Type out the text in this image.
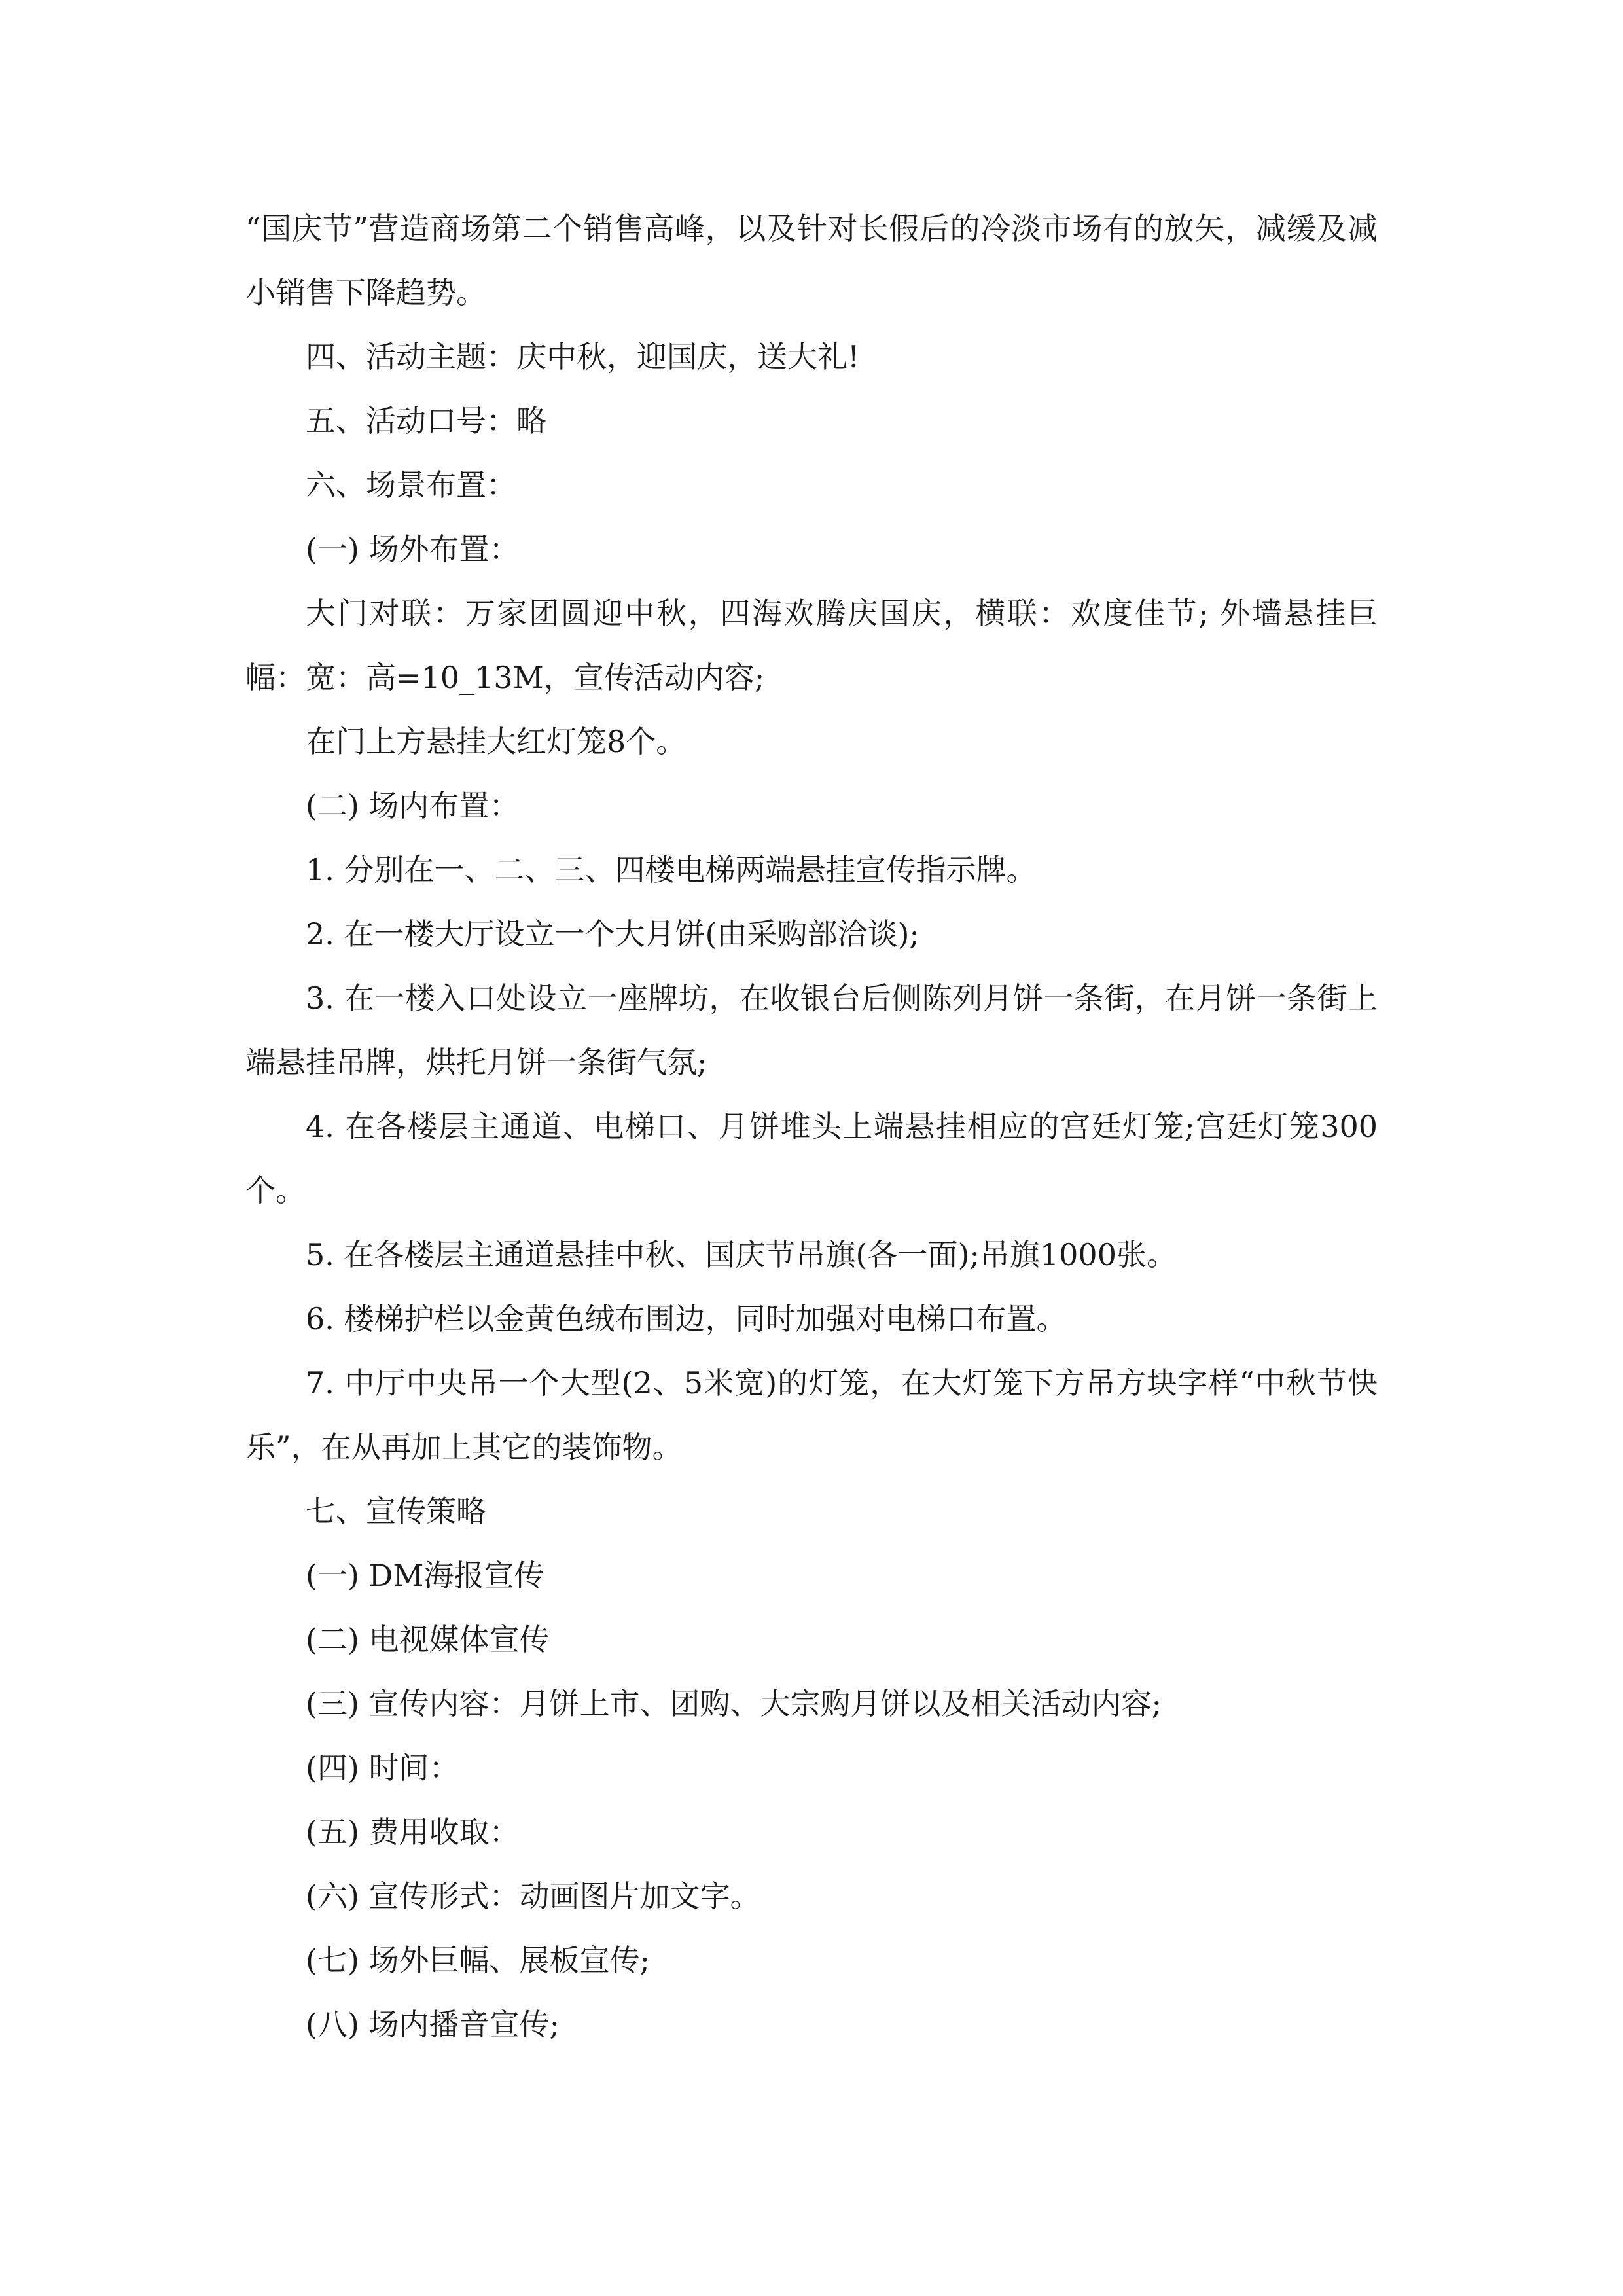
“国庆节”营造商场第二个销售高峰，以及针对长假后的冷淡市场有的放矢，减缓及减小销售下降趋势。

四、活动主题：庆中秋，迎国庆，送大礼!

五、活动口号：略

六、场景布置：

(一) 场外布置：

大门对联：万家团圆迎中秋，四海欢腾庆国庆，横联：欢度佳节; 外墙悬挂巨幅：宽：高=10_13M，宣传活动内容;

在门上方悬挂大红灯笼8个。

(二) 场内布置：

1. 分别在一、二、三、四楼电梯两端悬挂宣传指示牌。

2. 在一楼大厅设立一个大月饼(由采购部洽谈);

3. 在一楼入口处设立一座牌坊，在收银台后侧陈列月饼一条街，在月饼一条街上端悬挂吊牌，烘托月饼一条街气氛;

4. 在各楼层主通道、电梯口、月饼堆头上端悬挂相应的宫廷灯笼;宫廷灯笼300个。

5. 在各楼层主通道悬挂中秋、国庆节吊旗(各一面);吊旗1000张。

6. 楼梯护栏以金黄色绒布围边，同时加强对电梯口布置。

7. 中厅中央吊一个大型(2、5米宽)的灯笼，在大灯笼下方吊方块字样“中秋节快乐”，在从再加上其它的装饰物。

七、宣传策略

(一) DM海报宣传

(二) 电视媒体宣传

(三) 宣传内容：月饼上市、团购、大宗购月饼以及相关活动内容;

(四) 时间：

(五) 费用收取：

(六) 宣传形式：动画图片加文字。

(七) 场外巨幅、展板宣传;

(八) 场内播音宣传;
